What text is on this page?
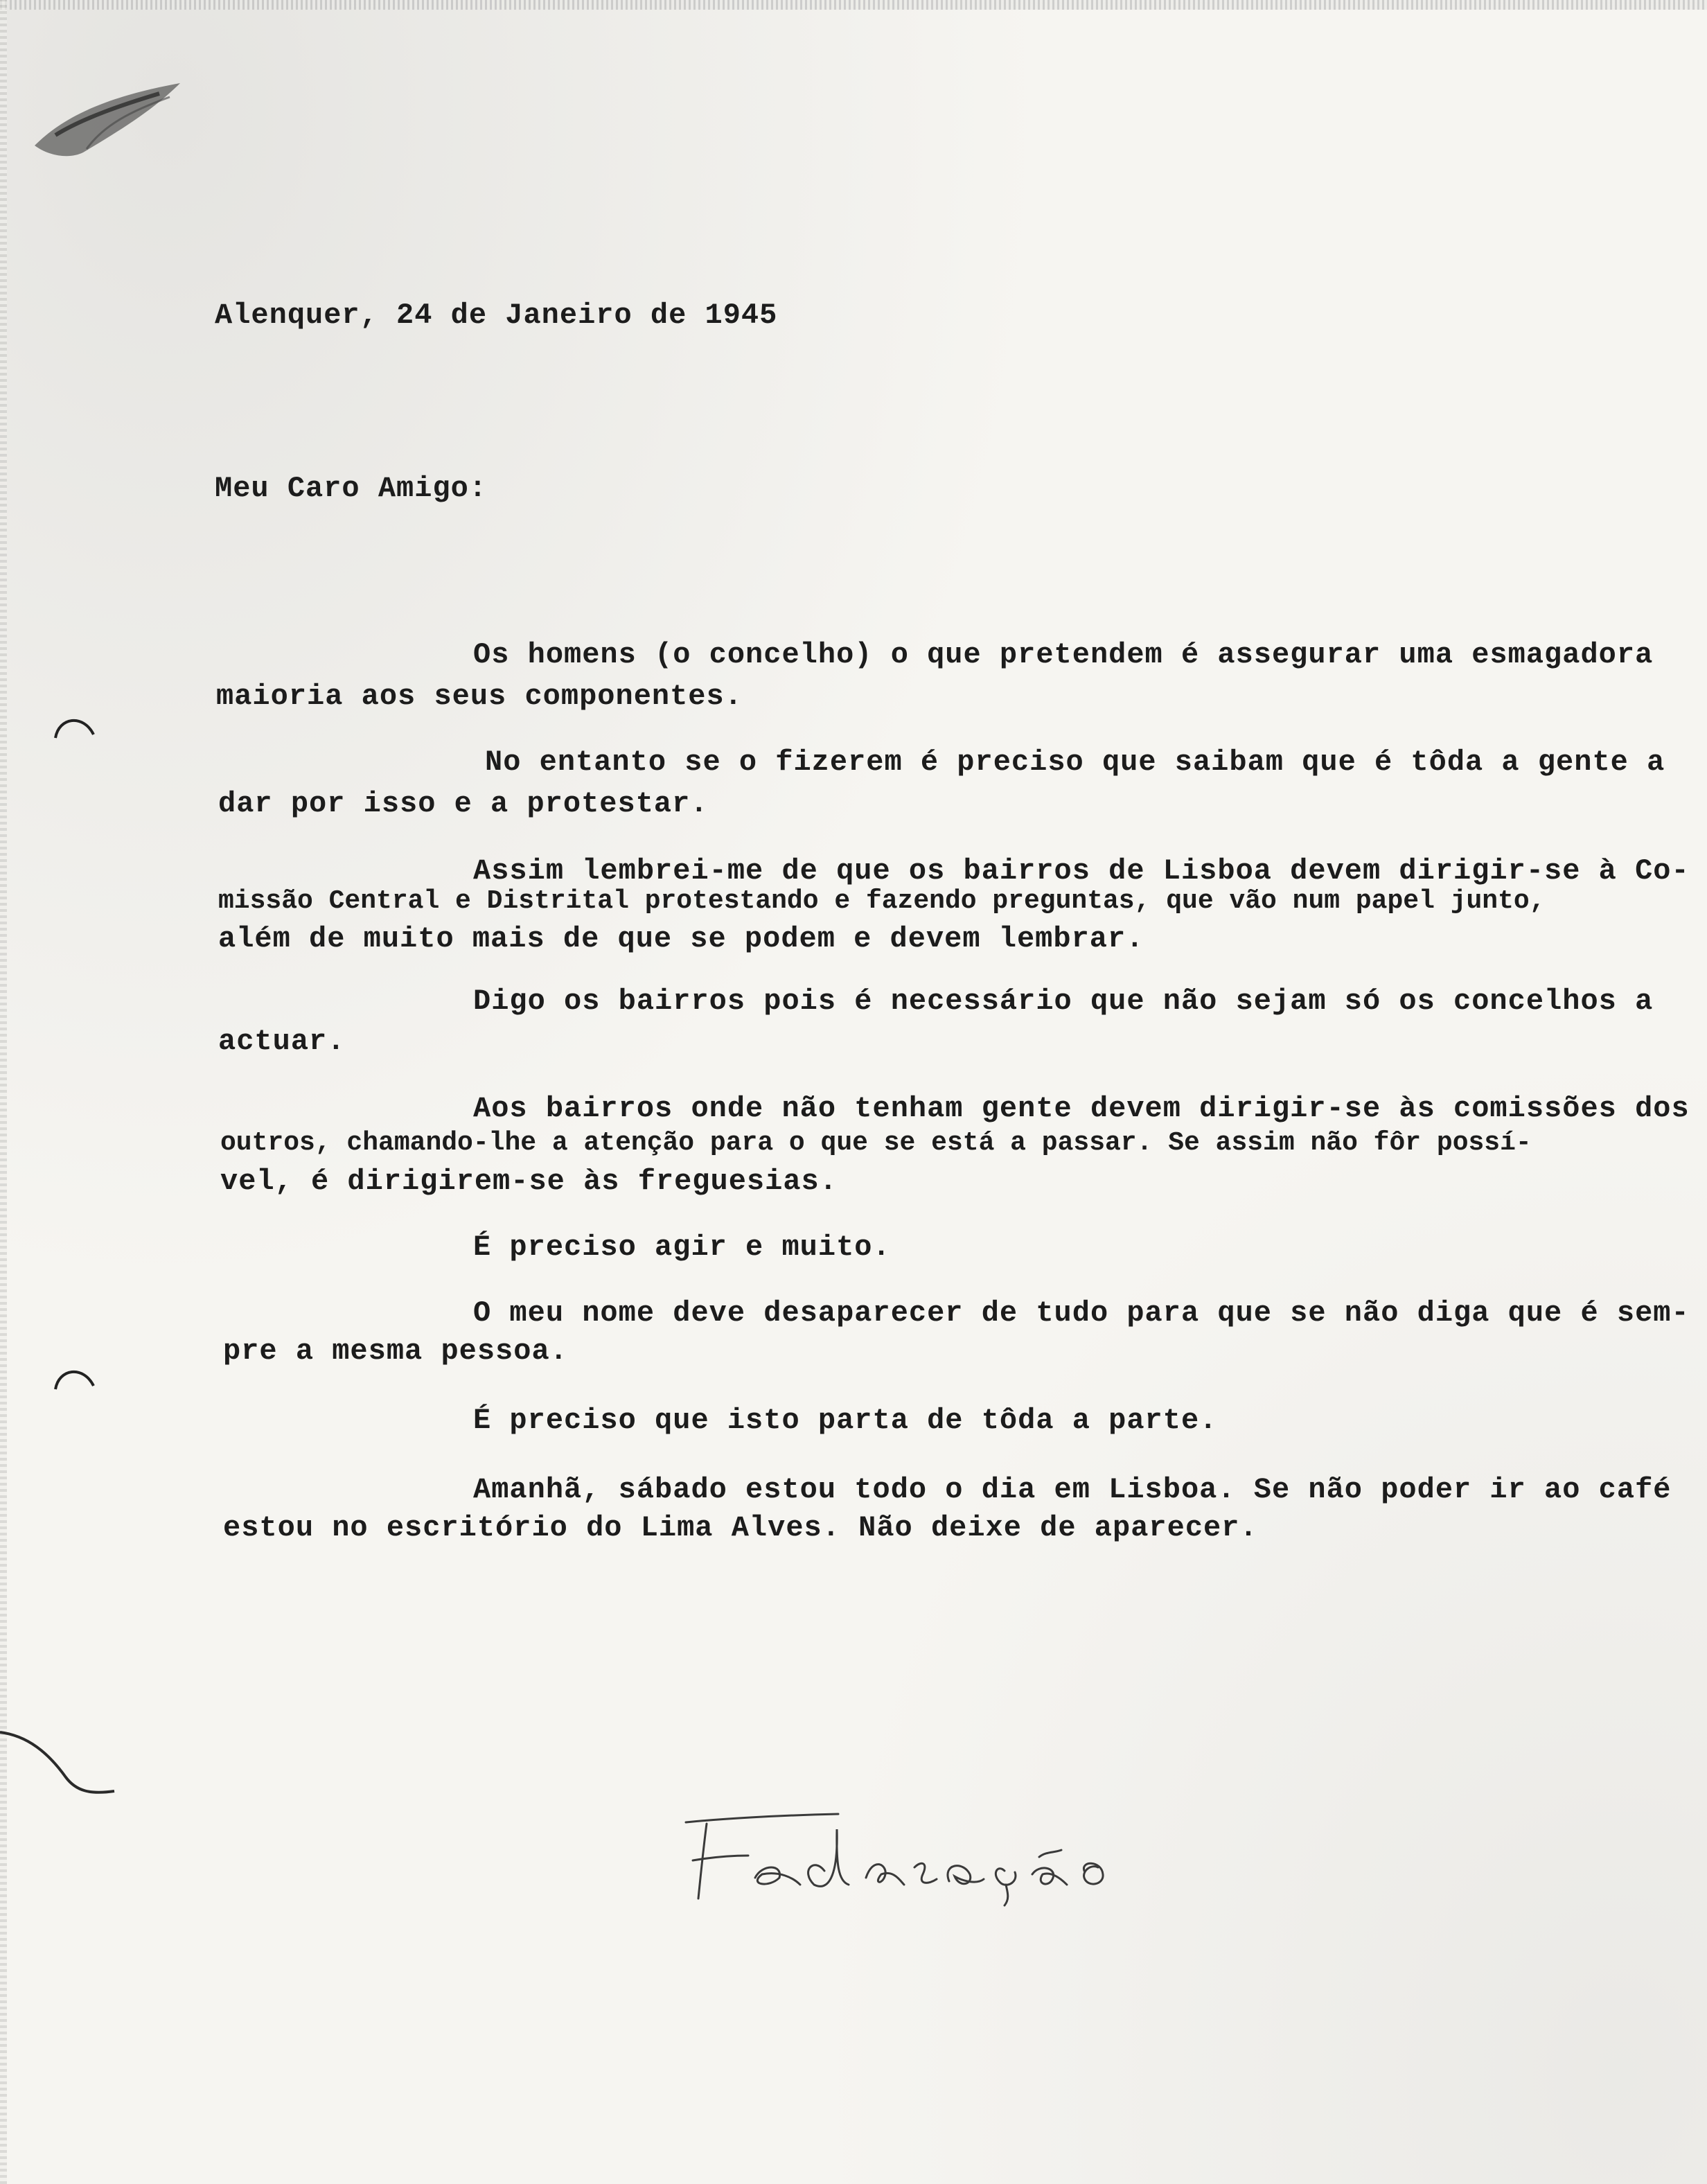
Alenquer, 24 de Janeiro de 1945
Meu Caro Amigo:
Os homens (o concelho) o que pretendem é assegurar uma esmagadora
maioria aos seus componentes.
No entanto se o fizerem é preciso que saibam que é tôda a gente a
dar por isso e a protestar.
Assim lembrei-me de que os bairros de Lisboa devem dirigir-se à Co-
missão Central e Distrital protestando e fazendo preguntas, que vão num papel junto,
além de muito mais de que se podem e devem lembrar.
Digo os bairros pois é necessário que não sejam só os concelhos a
actuar.
Aos bairros onde não tenham gente devem dirigir-se às comissões dos
outros, chamando-lhe a atenção para o que se está a passar. Se assim não fôr possí-
vel, é dirigirem-se às freguesias.
É preciso agir e muito.
O meu nome deve desaparecer de tudo para que se não diga que é sem-
pre a mesma pessoa.
É preciso que isto parta de tôda a parte.
Amanhã, sábado estou todo o dia em Lisboa. Se não poder ir ao café
estou no escritório do Lima Alves. Não deixe de aparecer.
